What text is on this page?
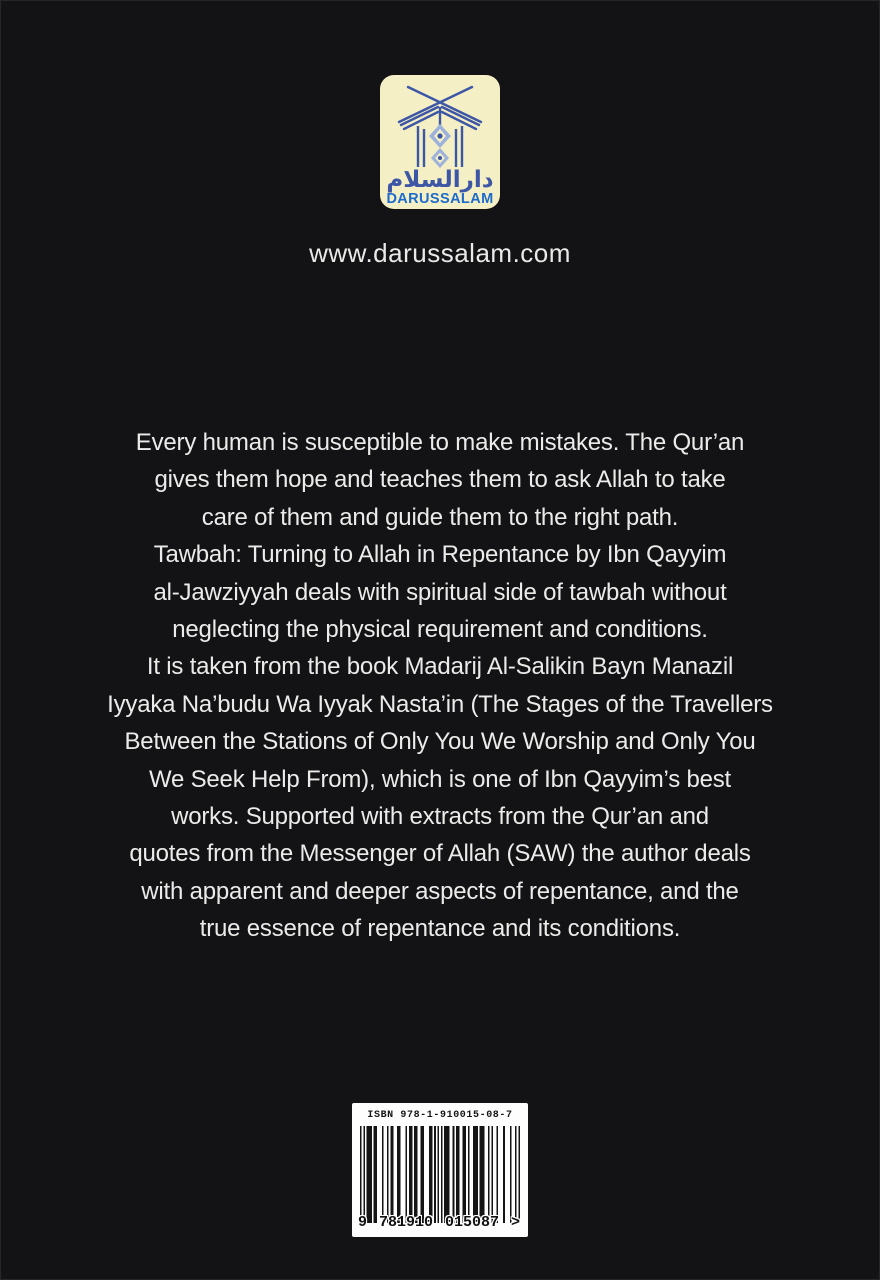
دارالسلام
DARUSSALAM
www.darussalam.com
Every human is susceptible to make mistakes. The Qur’an
gives them hope and teaches them to ask Allah to take
care of them and guide them to the right path.
Tawbah: Turning to Allah in Repentance by Ibn Qayyim
al-Jawziyyah deals with spiritual side of tawbah without
neglecting the physical requirement and conditions.
It is taken from the book Madarij Al-Salikin Bayn Manazil
Iyyaka Na’budu Wa Iyyak Nasta’in (The Stages of the Travellers
Between the Stations of Only You We Worship and Only You
We Seek Help From), which is one of Ibn Qayyim’s best
works. Supported with extracts from the Qur’an and
quotes from the Messenger of Allah (SAW) the author deals
with apparent and deeper aspects of repentance, and the
true essence of repentance and its conditions.
ISBN 978-1-910015-08-7
9 781910 015087 >
